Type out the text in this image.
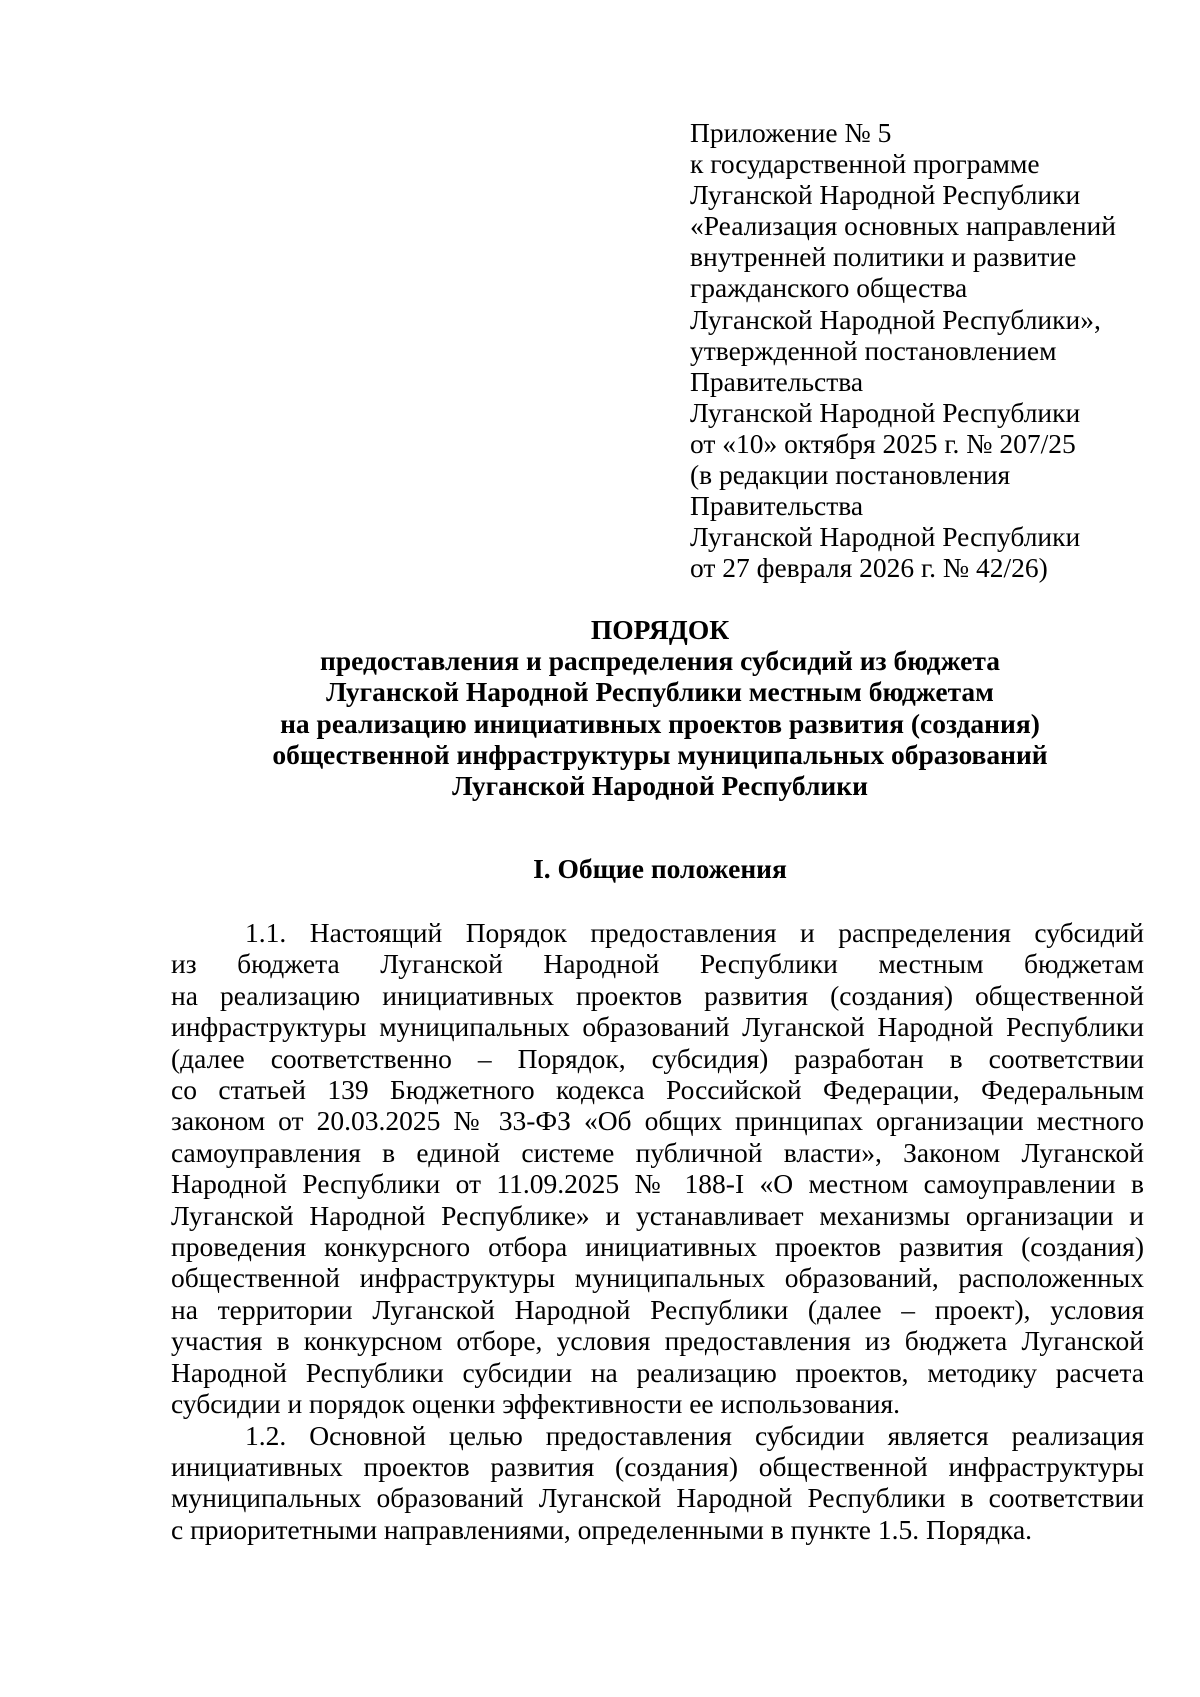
Приложение № 5
к государственной программе
Луганской Народной Республики
«Реализация основных направлений
внутренней политики и развитие
гражданского общества
Луганской Народной Республики»,
утвержденной постановлением
Правительства
Луганской Народной Республики
от «10» октября 2025 г. № 207/25
(в редакции постановления
Правительства
Луганской Народной Республики
от 27 февраля 2026 г. № 42/26)
ПОРЯДОК
предоставления и распределения субсидий из бюджета
Луганской Народной Республики местным бюджетам
на реализацию инициативных проектов развития (создания)
общественной инфраструктуры муниципальных образований
Луганской Народной Республики
I. Общие положения
1.1. Настоящий Порядок предоставления и распределения субсидий
из бюджета Луганской Народной Республики местным бюджетам
на реализацию инициативных проектов развития (создания) общественной
инфраструктуры муниципальных образований Луганской Народной Республики
(далее соответственно – Порядок, субсидия) разработан в соответствии
со статьей 139 Бюджетного кодекса Российской Федерации, Федеральным
законом от 20.03.2025 № 33-ФЗ «Об общих принципах организации местного
самоуправления в единой системе публичной власти», Законом Луганской
Народной Республики от 11.09.2025 № 188-I «О местном самоуправлении в
Луганской Народной Республике» и устанавливает механизмы организации и
проведения конкурсного отбора инициативных проектов развития (создания)
общественной инфраструктуры муниципальных образований, расположенных
на территории Луганской Народной Республики (далее – проект), условия
участия в конкурсном отборе, условия предоставления из бюджета Луганской
Народной Республики субсидии на реализацию проектов, методику расчета
субсидии и порядок оценки эффективности ее использования.
1.2. Основной целью предоставления субсидии является реализация
инициативных проектов развития (создания) общественной инфраструктуры
муниципальных образований Луганской Народной Республики в соответствии
с приоритетными направлениями, определенными в пункте 1.5. Порядка.
